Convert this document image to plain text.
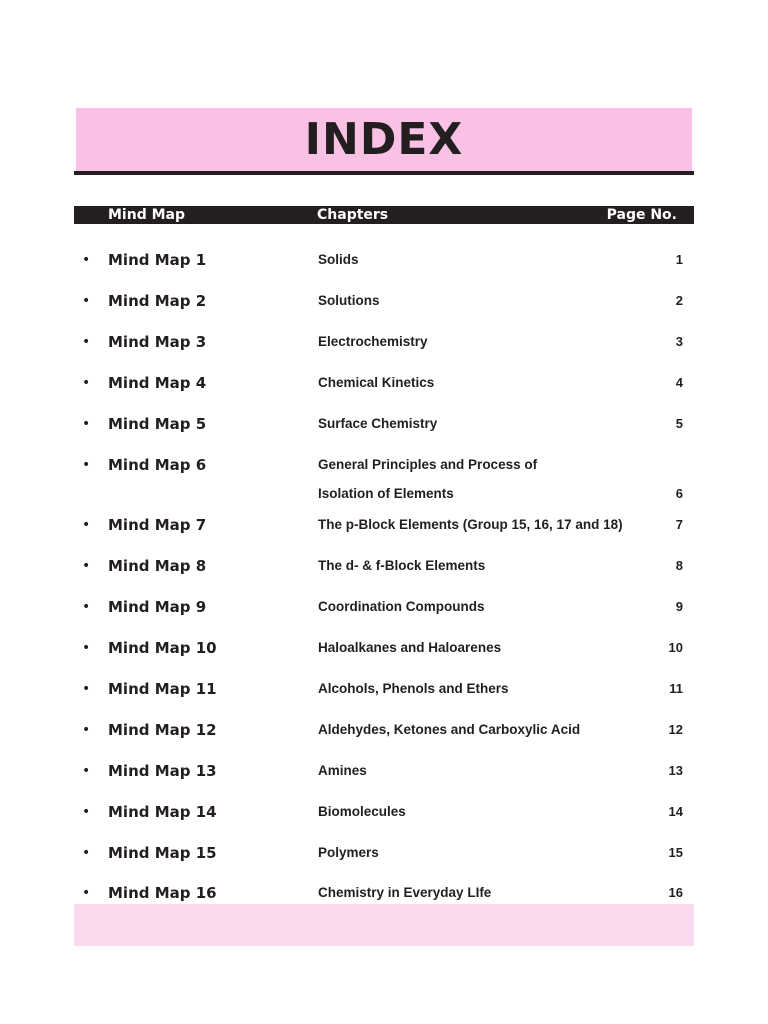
INDEX
Mind Map	Chapters	Page No.
• Mind Map 1	Solids	1
• Mind Map 2	Solutions	2
• Mind Map 3	Electrochemistry	3
• Mind Map 4	Chemical Kinetics	4
• Mind Map 5	Surface Chemistry	5
• Mind Map 6	General Principles and Process of
Isolation of Elements	6
• Mind Map 7	The p-Block Elements (Group 15, 16, 17 and 18)	7
• Mind Map 8	The d- & f-Block Elements	8
• Mind Map 9	Coordination Compounds	9
• Mind Map 10	Haloalkanes and Haloarenes	10
• Mind Map 11	Alcohols, Phenols and Ethers	11
• Mind Map 12	Aldehydes, Ketones and Carboxylic Acid	12
• Mind Map 13	Amines	13
• Mind Map 14	Biomolecules	14
• Mind Map 15	Polymers	15
• Mind Map 16	Chemistry in Everyday LIfe	16
